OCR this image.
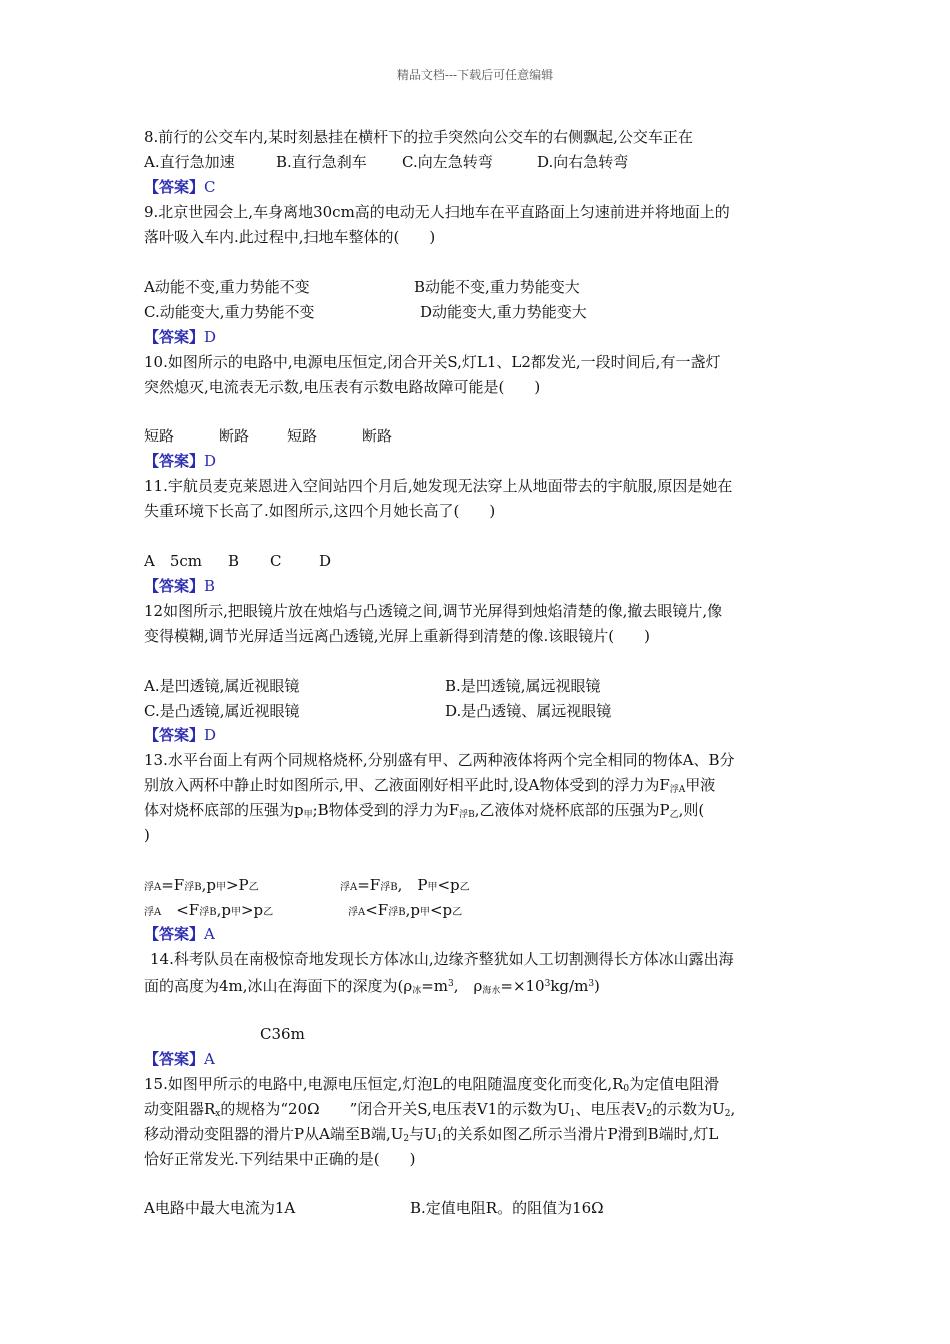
精品文档---下载后可任意编辑
8.前行的公交车内,某时刻悬挂在横杆下的拉手突然向公交车的右侧飘起,公交车正在
A.直行急加速	B.直行急刹车 C.向左急转弯	D.向右急转弯
【答案】C
9.北京世园会上,车身离地30cm高的电动无人扫地车在平直路面上匀速前进并将地面上的
落叶吸入车内.此过程中,扫地车整体的(　　)
A动能不变,重力势能不变	B动能不变,重力势能变大
C.动能变大,重力势能不变	D动能变大,重力势能变大
【答案】D
10.如图所示的电路中,电源电压恒定,闭合开关S,灯L1、L2都发光,一段时间后,有一盏灯
突然熄灭,电流表无示数,电压表有示数电路故障可能是(　　)
短路	断路	短路	断路
【答案】D
11.宇航员麦克莱恩进入空间站四个月后,她发现无法穿上从地面带去的宇航服,原因是她在
失重环境下长高了.如图所示,这四个月她长高了(　　)
A　5cm B C	D
【答案】B
12如图所示,把眼镜片放在烛焰与凸透镜之间,调节光屏得到烛焰清楚的像,撤去眼镜片,像
变得模糊,调节光屏适当远离凸透镜,光屏上重新得到清楚的像.该眼镜片(　　)
A.是凹透镜,属近视眼镜	B.是凹透镜,属远视眼镜
C.是凸透镜,属近视眼镜	D.是凸透镜、属远视眼镜
【答案】D
13.水平台面上有两个同规格烧杯,分别盛有甲、乙两种液体将两个完全相同的物体A、B分
别放入两杯中静止时如图所示,甲、乙液面刚好相平此时,设A物体受到的浮力为$F_{浮A}$甲液
体对烧杯底部的压强为$p_甲;B$物体受到的浮力为$F_{浮B}$,乙液体对烧杯底部的压强为$P_乙$,则(
)
浮A=F浮B,p甲>P乙	浮A=F浮B,　P甲<p乙
浮A　<F浮B,p甲>p乙	浮A<F浮B,p甲<p乙
【答案】A
14.科考队员在南极惊奇地发现长方体冰山,边缘齐整犹如人工切割测得长方体冰山露出海
面的高度为4m,冰山在海面下的深度为($\rho_冰=m^3$,　$\rho_{海水}=\times 10^3kg/m^3$)
C36m
【答案】A
15.如图甲所示的电路中,电源电压恒定,灯泡L的电阻随温度变化而变化$,R_0$为定值电阻滑
动变阻器$R_x$的规格为“20Ω　　”闭合开关S,电压表V1的示数为$U_1$、电压表$V_2$的示数为$U_2$,
移动滑动变阻器的滑片P从A端至B端$,U_2$与$U_1$的关系如图乙所示当滑片P滑到B端时,灯L
恰好正常发光.下列结果中正确的是(　　)
A电路中最大电流为1A	B.定值电阻R。的阻值为16Ω
